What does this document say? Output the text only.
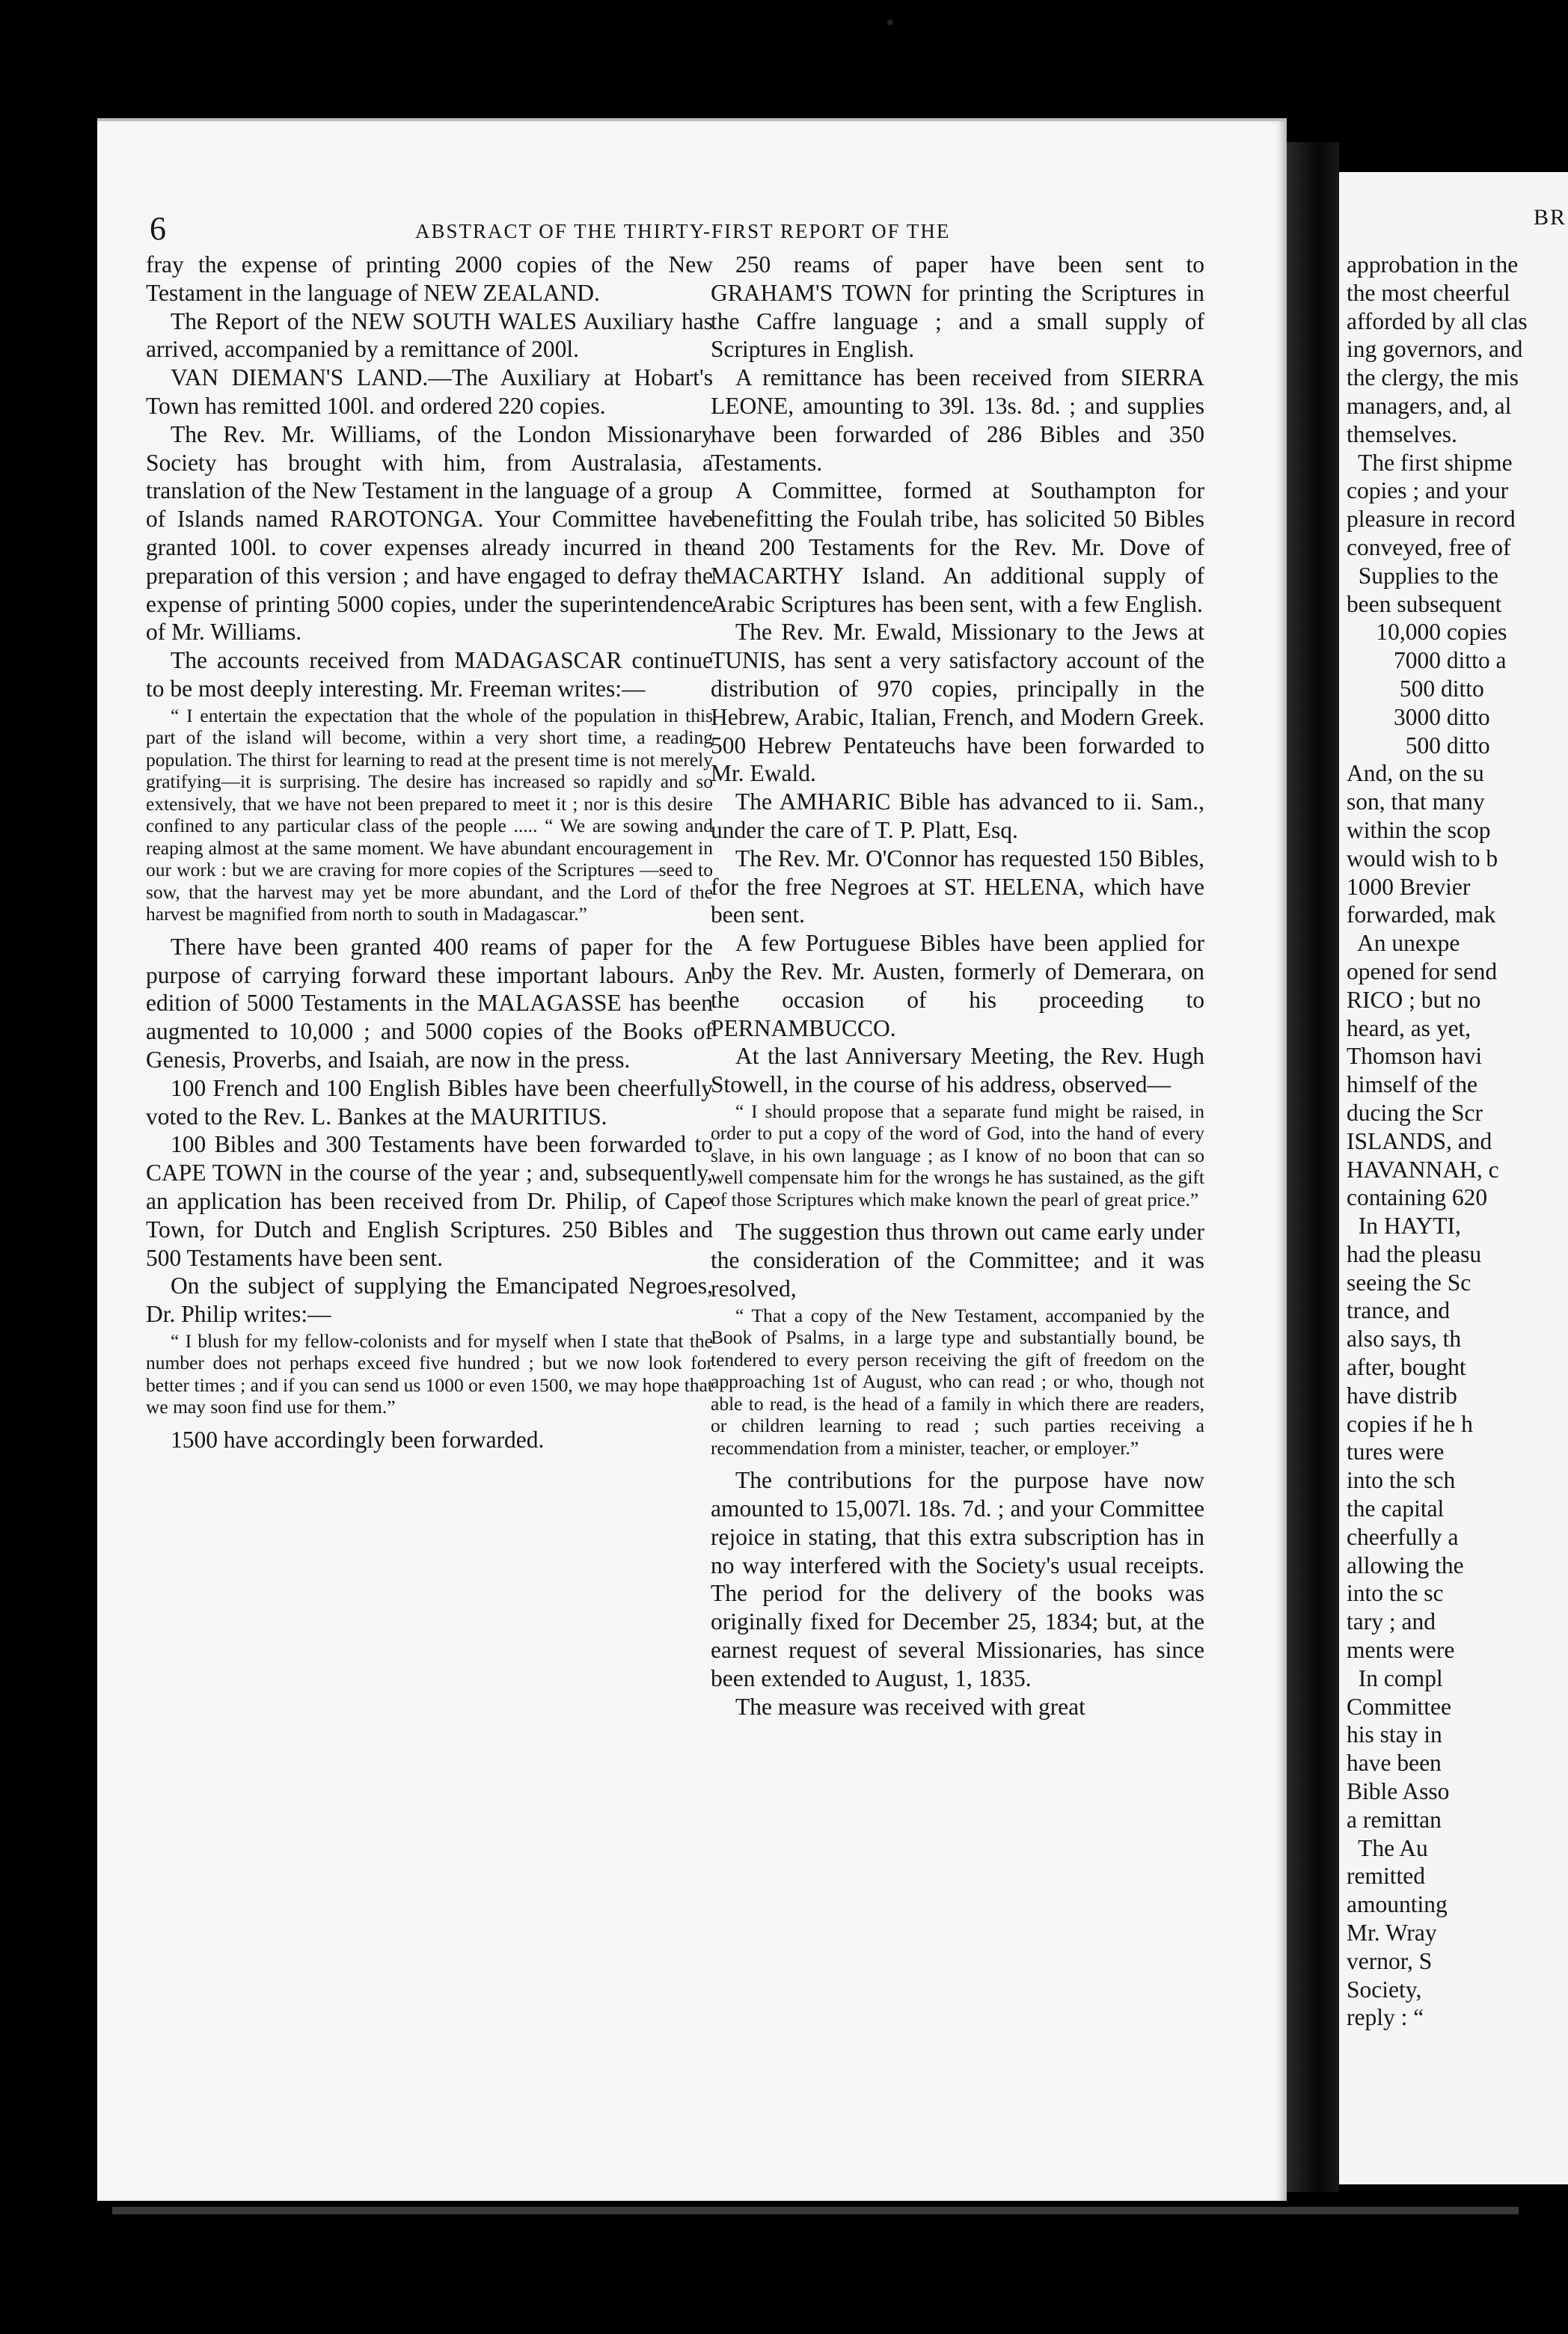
6	ABSTRACT OF THE THIRTY-FIRST REPORT OF THE
BR

fray the expense of printing 2000 copies of the New Testament in the language of NEW ZEALAND.

The Report of the NEW SOUTH WALES Auxiliary has arrived, accompanied by a remittance of 200l.

VAN DIEMAN'S LAND.—The Auxiliary at Hobart's Town has remitted 100l. and ordered 220 copies.

The Rev. Mr. Williams, of the London Missionary Society has brought with him, from Australasia, a translation of the New Testament in the language of a group of Islands named RAROTONGA. Your Committee have granted 100l. to cover expenses already incurred in the preparation of this version ; and have engaged to defray the expense of printing 5000 copies, under the superintendence of Mr. Williams.

The accounts received from MADAGASCAR continue to be most deeply interesting. Mr. Freeman writes:—

“ I entertain the expectation that the whole of the population in this part of the island will become, within a very short time, a reading population. The thirst for learning to read at the present time is not merely gratifying—it is surprising. The desire has increased so rapidly and so extensively, that we have not been prepared to meet it ; nor is this desire confined to any particular class of the people ..... “ We are sowing and reaping almost at the same moment. We have abundant encouragement in our work : but we are craving for more copies of the Scriptures —seed to sow, that the harvest may yet be more abundant, and the Lord of the harvest be magnified from north to south in Madagascar.”

There have been granted 400 reams of paper for the purpose of carrying forward these important labours. An edition of 5000 Testaments in the MALAGASSE has been augmented to 10,000 ; and 5000 copies of the Books of Genesis, Proverbs, and Isaiah, are now in the press.

100 French and 100 English Bibles have been cheerfully voted to the Rev. L. Bankes at the MAURITIUS.

100 Bibles and 300 Testaments have been forwarded to CAPE TOWN in the course of the year ; and, subsequently, an application has been received from Dr. Philip, of Cape Town, for Dutch and English Scriptures. 250 Bibles and 500 Testaments have been sent.

On the subject of supplying the Emancipated Negroes, Dr. Philip writes:—

“ I blush for my fellow-colonists and for myself when I state that the number does not perhaps exceed five hundred ; but we now look for better times ; and if you can send us 1000 or even 1500, we may hope that we may soon find use for them.”

1500 have accordingly been forwarded.

250 reams of paper have been sent to GRAHAM'S TOWN for printing the Scriptures in the Caffre language ; and a small supply of Scriptures in English.

A remittance has been received from SIERRA LEONE, amounting to 39l. 13s. 8d. ; and supplies have been forwarded of 286 Bibles and 350 Testaments.

A Committee, formed at Southampton for benefitting the Foulah tribe, has solicited 50 Bibles and 200 Testaments for the Rev. Mr. Dove of MACARTHY Island. An additional supply of Arabic Scriptures has been sent, with a few English.

The Rev. Mr. Ewald, Missionary to the Jews at TUNIS, has sent a very satisfactory account of the distribution of 970 copies, principally in the Hebrew, Arabic, Italian, French, and Modern Greek. 500 Hebrew Pentateuchs have been forwarded to Mr. Ewald.

The AMHARIC Bible has advanced to ii. Sam., under the care of T. P. Platt, Esq.

The Rev. Mr. O'Connor has requested 150 Bibles, for the free Negroes at ST. HELENA, which have been sent.

A few Portuguese Bibles have been applied for by the Rev. Mr. Austen, formerly of Demerara, on the occasion of his proceeding to PERNAMBUCCO.

At the last Anniversary Meeting, the Rev. Hugh Stowell, in the course of his address, observed—

“ I should propose that a separate fund might be raised, in order to put a copy of the word of God, into the hand of every slave, in his own language ; as I know of no boon that can so well compensate him for the wrongs he has sustained, as the gift of those Scriptures which make known the pearl of great price.”

The suggestion thus thrown out came early under the consideration of the Committee; and it was resolved,

“ That a copy of the New Testament, accompanied by the Book of Psalms, in a large type and substantially bound, be tendered to every person receiving the gift of freedom on the approaching 1st of August, who can read ; or who, though not able to read, is the head of a family in which there are readers, or children learning to read ; such parties receiving a recommendation from a minister, teacher, or employer.”

The contributions for the purpose have now amounted to 15,007l. 18s. 7d. ; and your Committee rejoice in stating, that this extra subscription has in no way interfered with the Society's usual receipts. The period for the delivery of the books was originally fixed for December 25, 1834; but, at the earnest request of several Missionaries, has since been extended to August, 1, 1835.

The measure was received with great

approbation in the
the most cheerful
afforded by all clas
ing governors, and
the clergy, the mis
managers, and, al
themselves.
The first shipme
copies ; and your
pleasure in record
conveyed, free of
Supplies to the
been subsequent
10,000 copies
7000 ditto a
500 ditto
3000 ditto
500 ditto
And, on the su
son, that many
within the scop
would wish to b
1000 Brevier
forwarded, mak
An unexpe
opened for send
RICO ; but no
heard, as yet,
Thomson havi
himself of the
ducing the Scr
ISLANDS, and
HAVANNAH, c
containing 620
In HAYTI,
had the pleasu
seeing the Sc
trance, and
also says, th
after, bought
have distrib
copies if he h
tures were
into the sch
the capital
cheerfully a
allowing the
into the sc
tary ; and
ments were
In compl
Committee
his stay in
have been
Bible Asso
a remittan
The Au
remitted
amounting
Mr. Wray
vernor, S
Society,
reply : “
